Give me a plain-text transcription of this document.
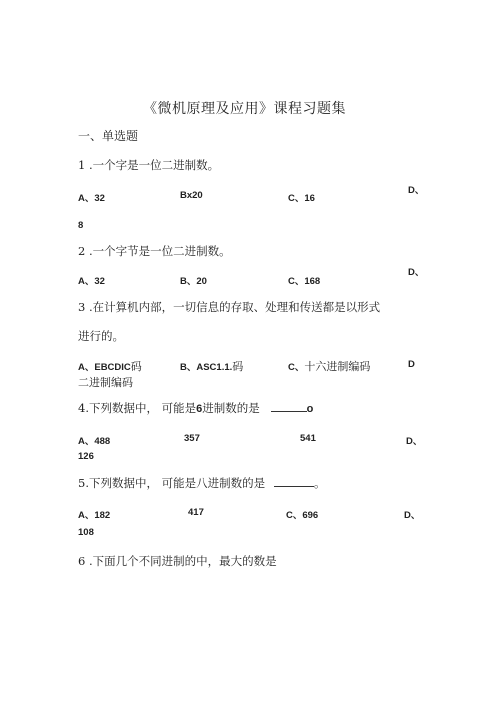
《微机原理及应用》课程习题集
一、单选题
1 .一个字是一位二进制数。
A、32	Bx20	C、16
D、
8
2 .一个字节是一位二进制数。
A、32	B、20	C、168
D、
3 .在计算机内部，一切信息的存取、处理和传送都是以形式
进行的。
A、EBCDIC码	B、ASC1.1.码	C、十六进制编码	D
二进制编码
4.下列数据中， 可能是6进制数的是	o
A、488	357	541	D、
126
5.下列数据中， 可能是八进制数的是	。
A、182	417	C、696	D、
108
6 .下面几个不同进制的中，最大的数是
